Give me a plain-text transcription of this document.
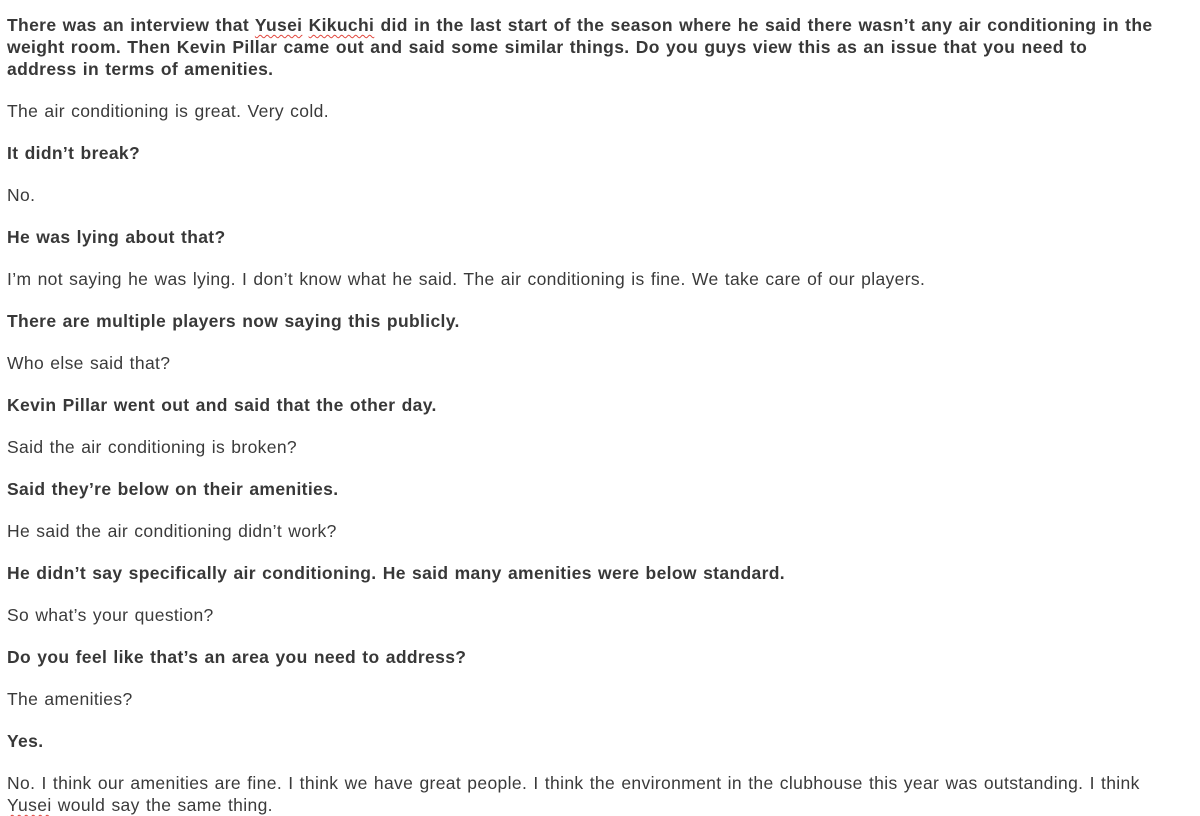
There was an interview that Yusei Kikuchi did in the last start of the season where he said there wasn’t any air conditioning in the weight room. Then Kevin Pillar came out and said some similar things. Do you guys view this as an issue that you need to address in terms of amenities.

The air conditioning is great. Very cold.

It didn’t break?

No.

He was lying about that?

I’m not saying he was lying. I don’t know what he said. The air conditioning is fine. We take care of our players.

There are multiple players now saying this publicly.

Who else said that?

Kevin Pillar went out and said that the other day.

Said the air conditioning is broken?

Said they’re below on their amenities.

He said the air conditioning didn’t work?

He didn’t say specifically air conditioning. He said many amenities were below standard.

So what’s your question?

Do you feel like that’s an area you need to address?

The amenities?

Yes.

No. I think our amenities are fine. I think we have great people. I think the environment in the clubhouse this year was outstanding. I think Yusei would say the same thing.
